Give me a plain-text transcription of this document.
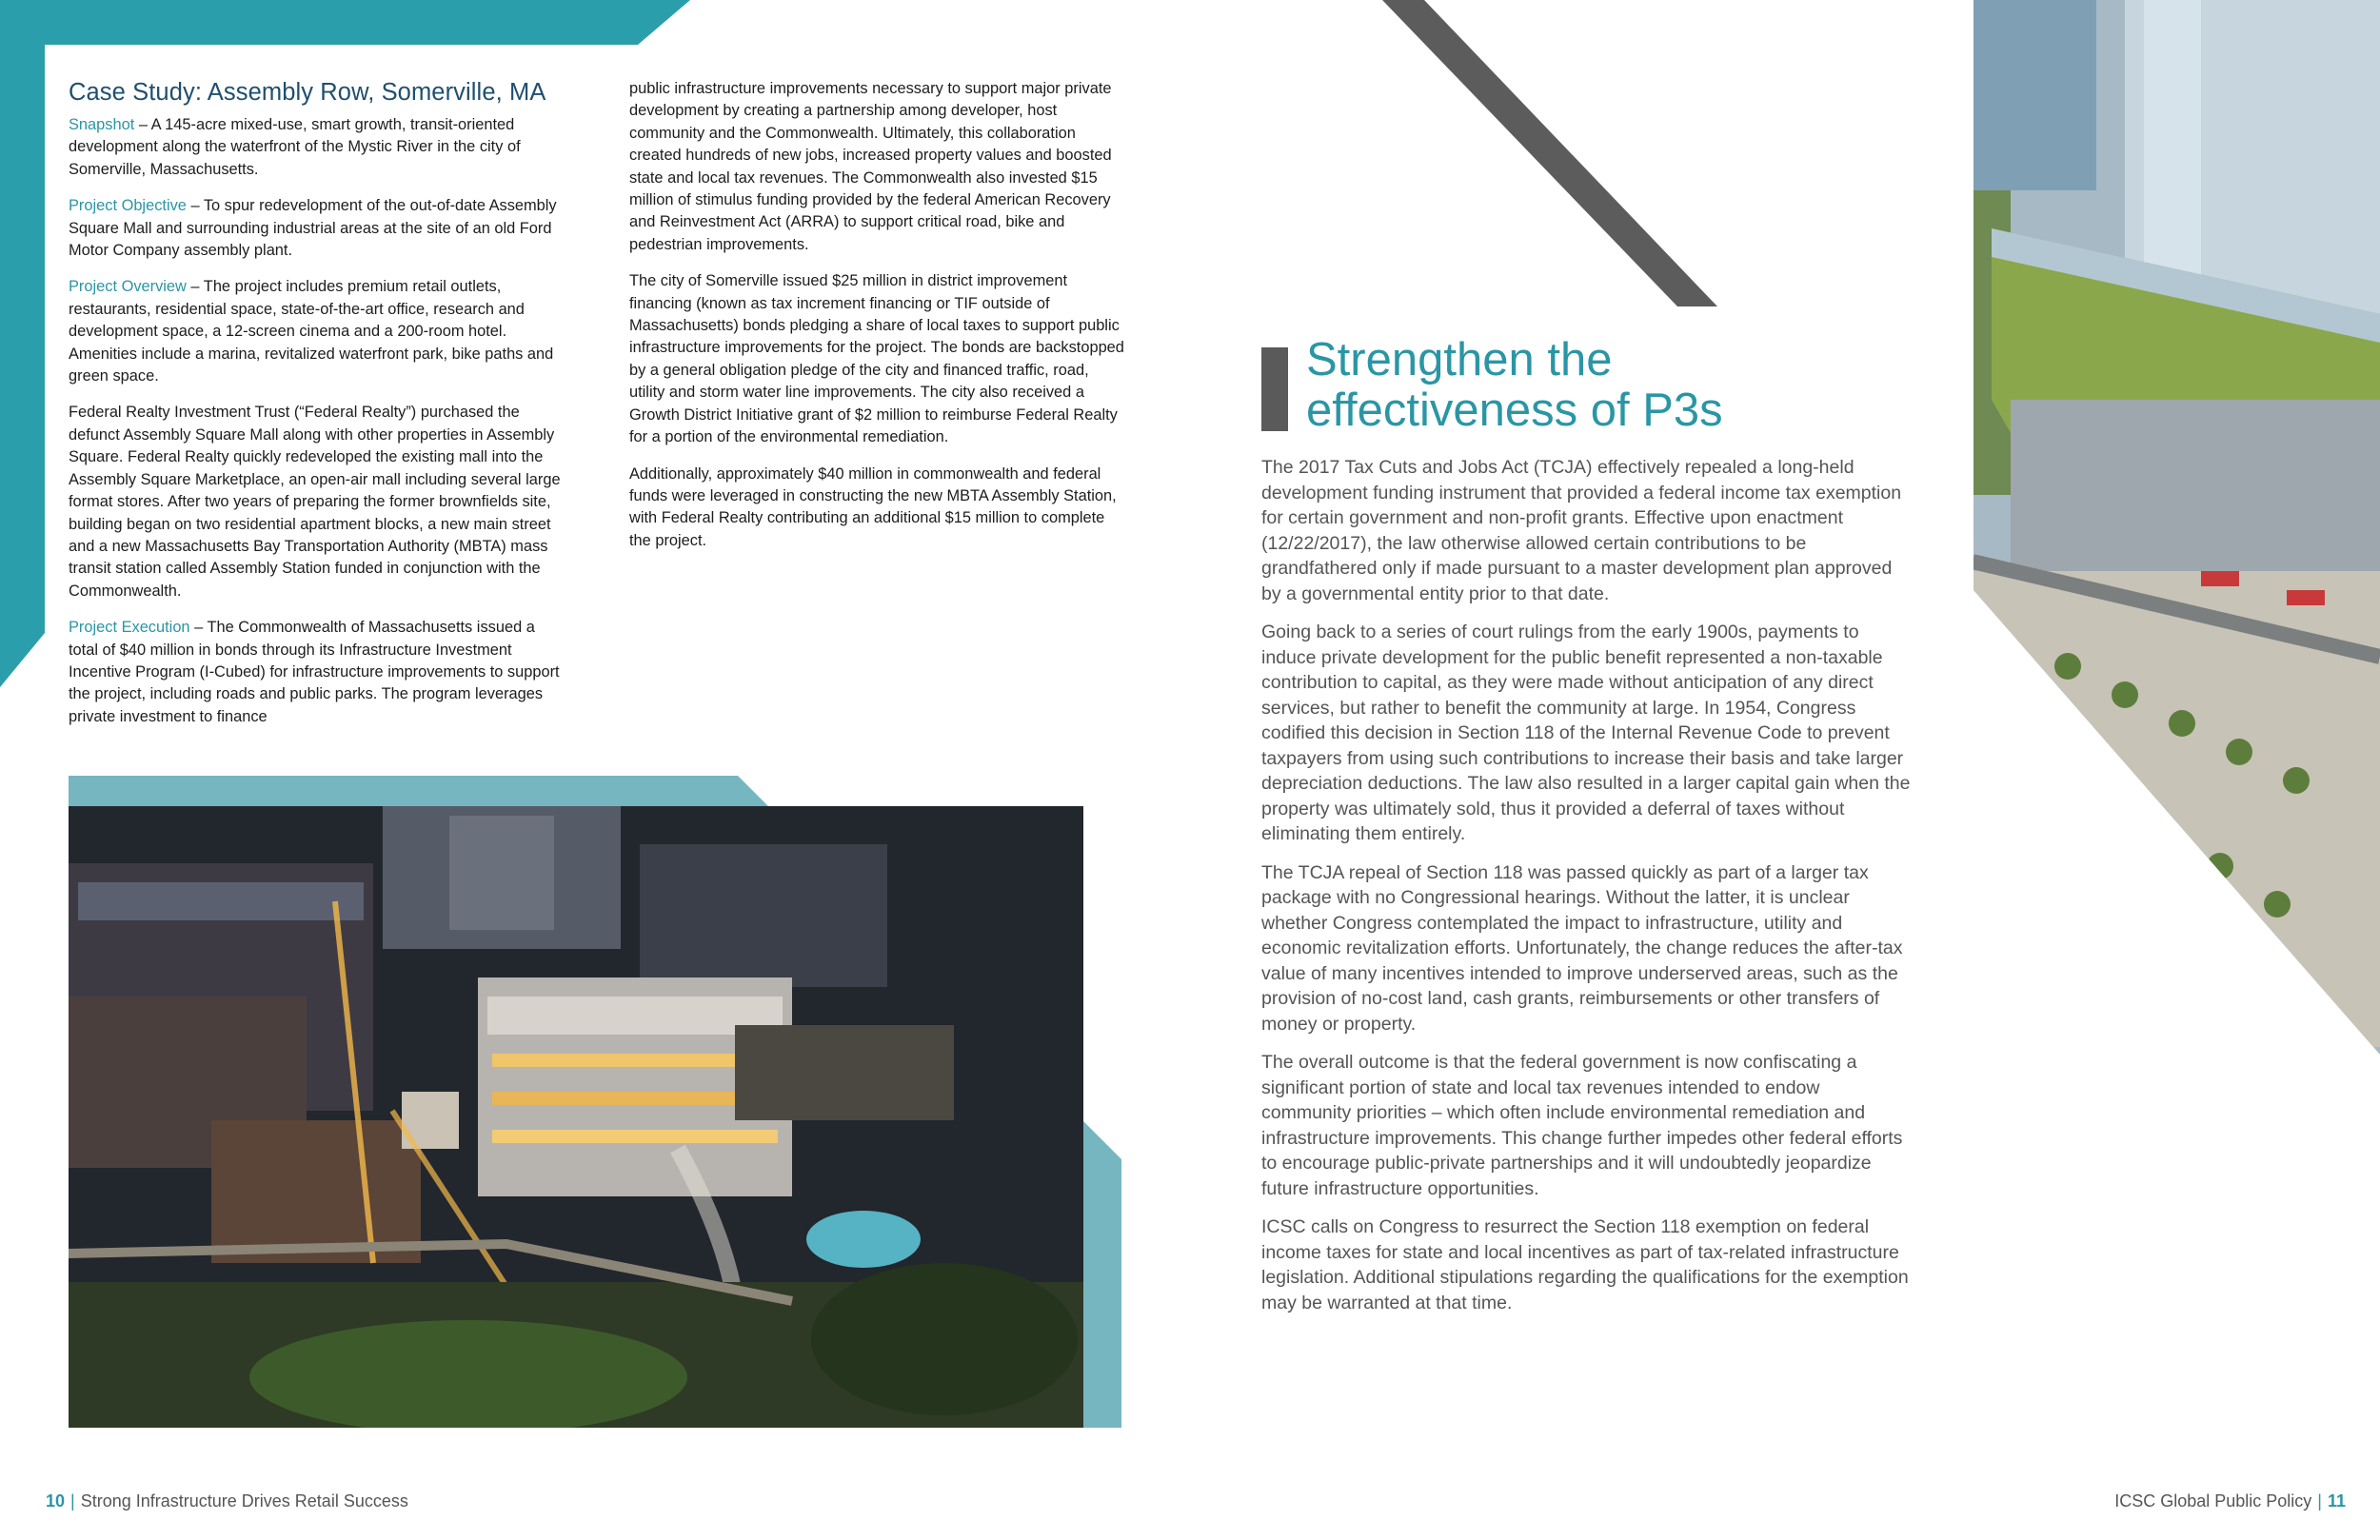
Case Study: Assembly Row, Somerville, MA

Snapshot – A 145-acre mixed-use, smart growth, transit-oriented development along the waterfront of the Mystic River in the city of Somerville, Massachusetts.

Project Objective – To spur redevelopment of the out-of-date Assembly Square Mall and surrounding industrial areas at the site of an old Ford Motor Company assembly plant.

Project Overview – The project includes premium retail outlets, restaurants, residential space, state-of-the-art office, research and development space, a 12-screen cinema and a 200-room hotel. Amenities include a marina, revitalized waterfront park, bike paths and green space.

Federal Realty Investment Trust (“Federal Realty”) purchased the defunct Assembly Square Mall along with other properties in Assembly Square. Federal Realty quickly redeveloped the existing mall into the Assembly Square Marketplace, an open-air mall including several large format stores. After two years of preparing the former brownfields site, building began on two residential apartment blocks, a new main street and a new Massachusetts Bay Transportation Authority (MBTA) mass transit station called Assembly Station funded in conjunction with the Commonwealth.

Project Execution – The Commonwealth of Massachusetts issued a total of $40 million in bonds through its Infrastructure Investment Incentive Program (I-Cubed) for infrastructure improvements to support the project, including roads and public parks. The program leverages private investment to finance

public infrastructure improvements necessary to support major private development by creating a partnership among developer, host community and the Commonwealth. Ultimately, this collaboration created hundreds of new jobs, increased property values and boosted state and local tax revenues. The Commonwealth also invested $15 million of stimulus funding provided by the federal American Recovery and Reinvestment Act (ARRA) to support critical road, bike and pedestrian improvements.

The city of Somerville issued $25 million in district improvement financing (known as tax increment financing or TIF outside of Massachusetts) bonds pledging a share of local taxes to support public infrastructure improvements for the project. The bonds are backstopped by a general obligation pledge of the city and financed traffic, road, utility and storm water line improvements. The city also received a Growth District Initiative grant of $2 million to reimburse Federal Realty for a portion of the environmental remediation.

Additionally, approximately $40 million in commonwealth and federal funds were leveraged in constructing the new MBTA Assembly Station, with Federal Realty contributing an additional $15 million to complete the project.

Strengthen the
effectiveness of P3s

The 2017 Tax Cuts and Jobs Act (TCJA) effectively repealed a long-held development funding instrument that provided a federal income tax exemption for certain government and non-profit grants. Effective upon enactment (12/22/2017), the law otherwise allowed certain contributions to be grandfathered only if made pursuant to a master development plan approved by a governmental entity prior to that date.

Going back to a series of court rulings from the early 1900s, payments to induce private development for the public benefit represented a non-taxable contribution to capital, as they were made without anticipation of any direct services, but rather to benefit the community at large. In 1954, Congress codified this decision in Section 118 of the Internal Revenue Code to prevent taxpayers from using such contributions to increase their basis and take larger depreciation deductions. The law also resulted in a larger capital gain when the property was ultimately sold, thus it provided a deferral of taxes without eliminating them entirely.

The TCJA repeal of Section 118 was passed quickly as part of a larger tax package with no Congressional hearings. Without the latter, it is unclear whether Congress contemplated the impact to infrastructure, utility and economic revitalization efforts. Unfortunately, the change reduces the after-tax value of many incentives intended to improve underserved areas, such as the provision of no-cost land, cash grants, reimbursements or other transfers of money or property.

The overall outcome is that the federal government is now confiscating a significant portion of state and local tax revenues intended to endow community priorities – which often include environmental remediation and infrastructure improvements. This change further impedes other federal efforts to encourage public-private partnerships and it will undoubtedly jeopardize future infrastructure opportunities.

ICSC calls on Congress to resurrect the Section 118 exemption on federal income taxes for state and local incentives as part of tax-related infrastructure legislation. Additional stipulations regarding the qualifications for the exemption may be warranted at that time.

10 | Strong Infrastructure Drives Retail Success	ICSC Global Public Policy | 11
